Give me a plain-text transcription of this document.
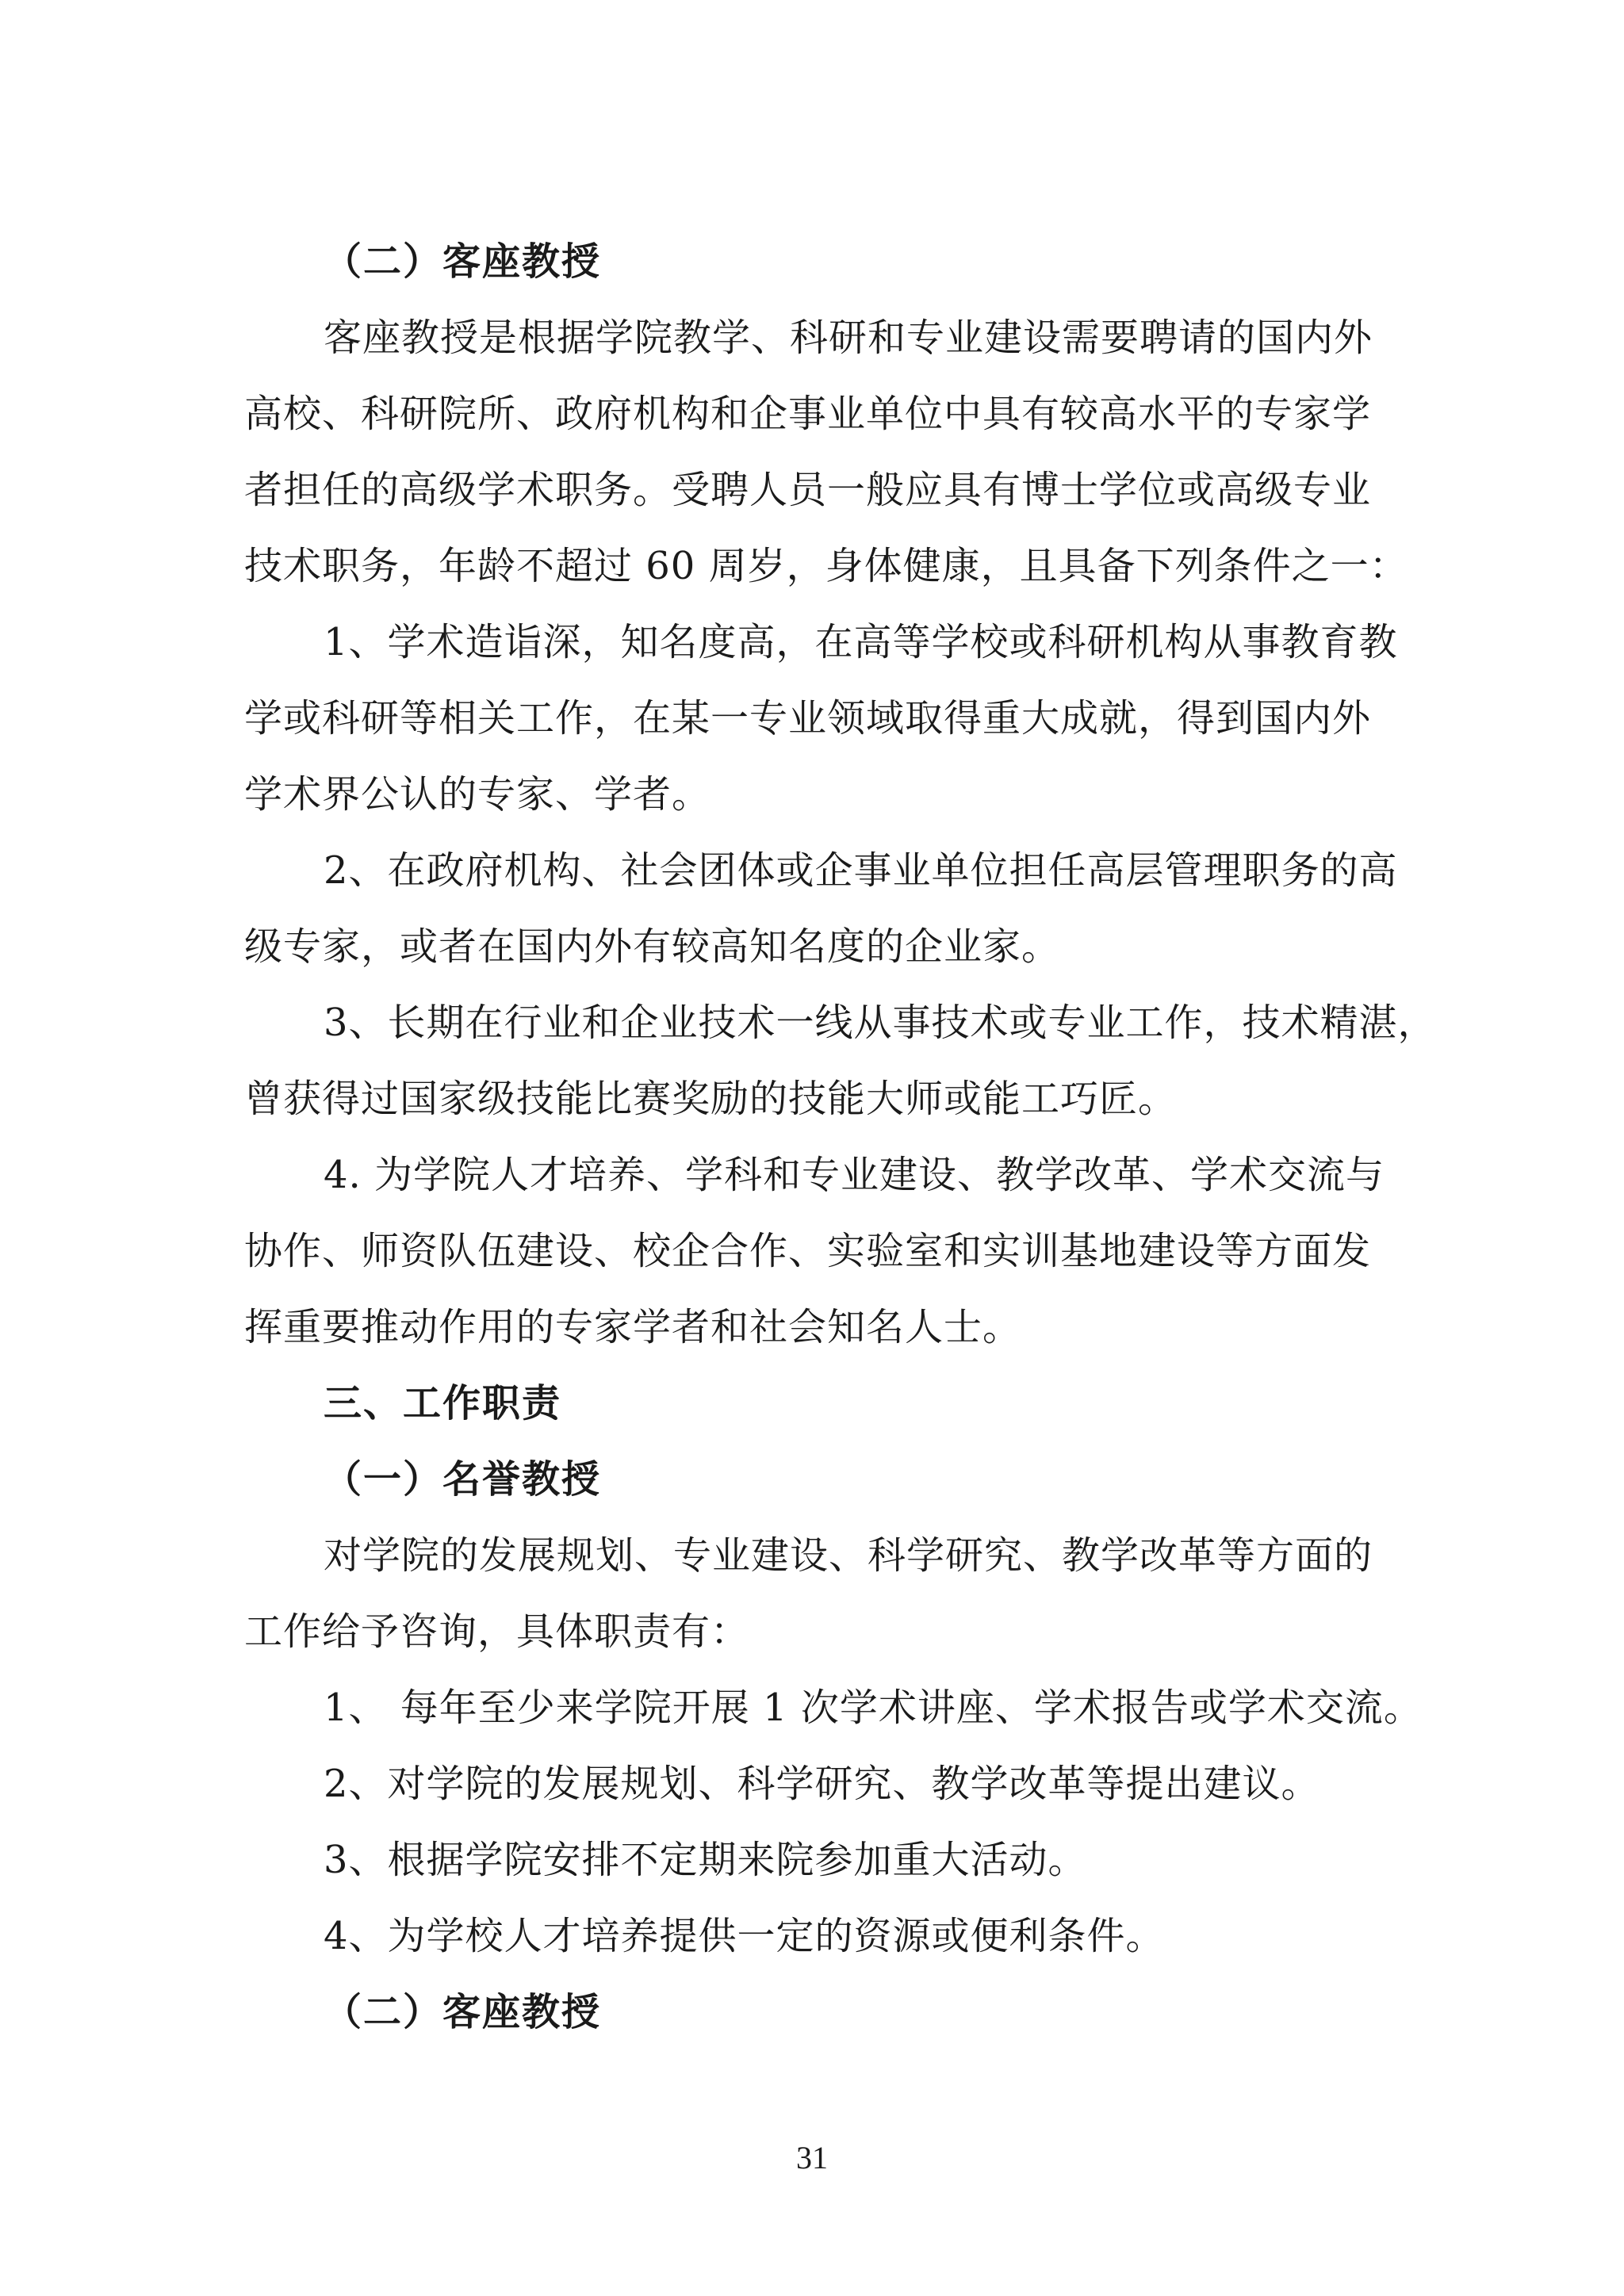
（二）客座教授
客座教授是根据学院教学、科研和专业建设需要聘请的国内外
高校、科研院所、政府机构和企事业单位中具有较高水平的专家学
者担任的高级学术职务。受聘人员一般应具有博士学位或高级专业
技术职务，年龄不超过 60 周岁，身体健康，且具备下列条件之一：
1、学术造诣深，知名度高，在高等学校或科研机构从事教育教
学或科研等相关工作，在某一专业领域取得重大成就，得到国内外
学术界公认的专家、学者。
2、在政府机构、社会团体或企事业单位担任高层管理职务的高
级专家，或者在国内外有较高知名度的企业家。
3、长期在行业和企业技术一线从事技术或专业工作，技术精湛，
曾获得过国家级技能比赛奖励的技能大师或能工巧匠。
4. 为学院人才培养、学科和专业建设、教学改革、学术交流与
协作、师资队伍建设、校企合作、实验室和实训基地建设等方面发
挥重要推动作用的专家学者和社会知名人士。
三、工作职责
（一）名誉教授
对学院的发展规划、专业建设、科学研究、教学改革等方面的
工作给予咨询，具体职责有：
1、 每年至少来学院开展 1 次学术讲座、学术报告或学术交流。
2、对学院的发展规划、科学研究、教学改革等提出建议。
3、根据学院安排不定期来院参加重大活动。
4、为学校人才培养提供一定的资源或便利条件。
（二）客座教授
31
